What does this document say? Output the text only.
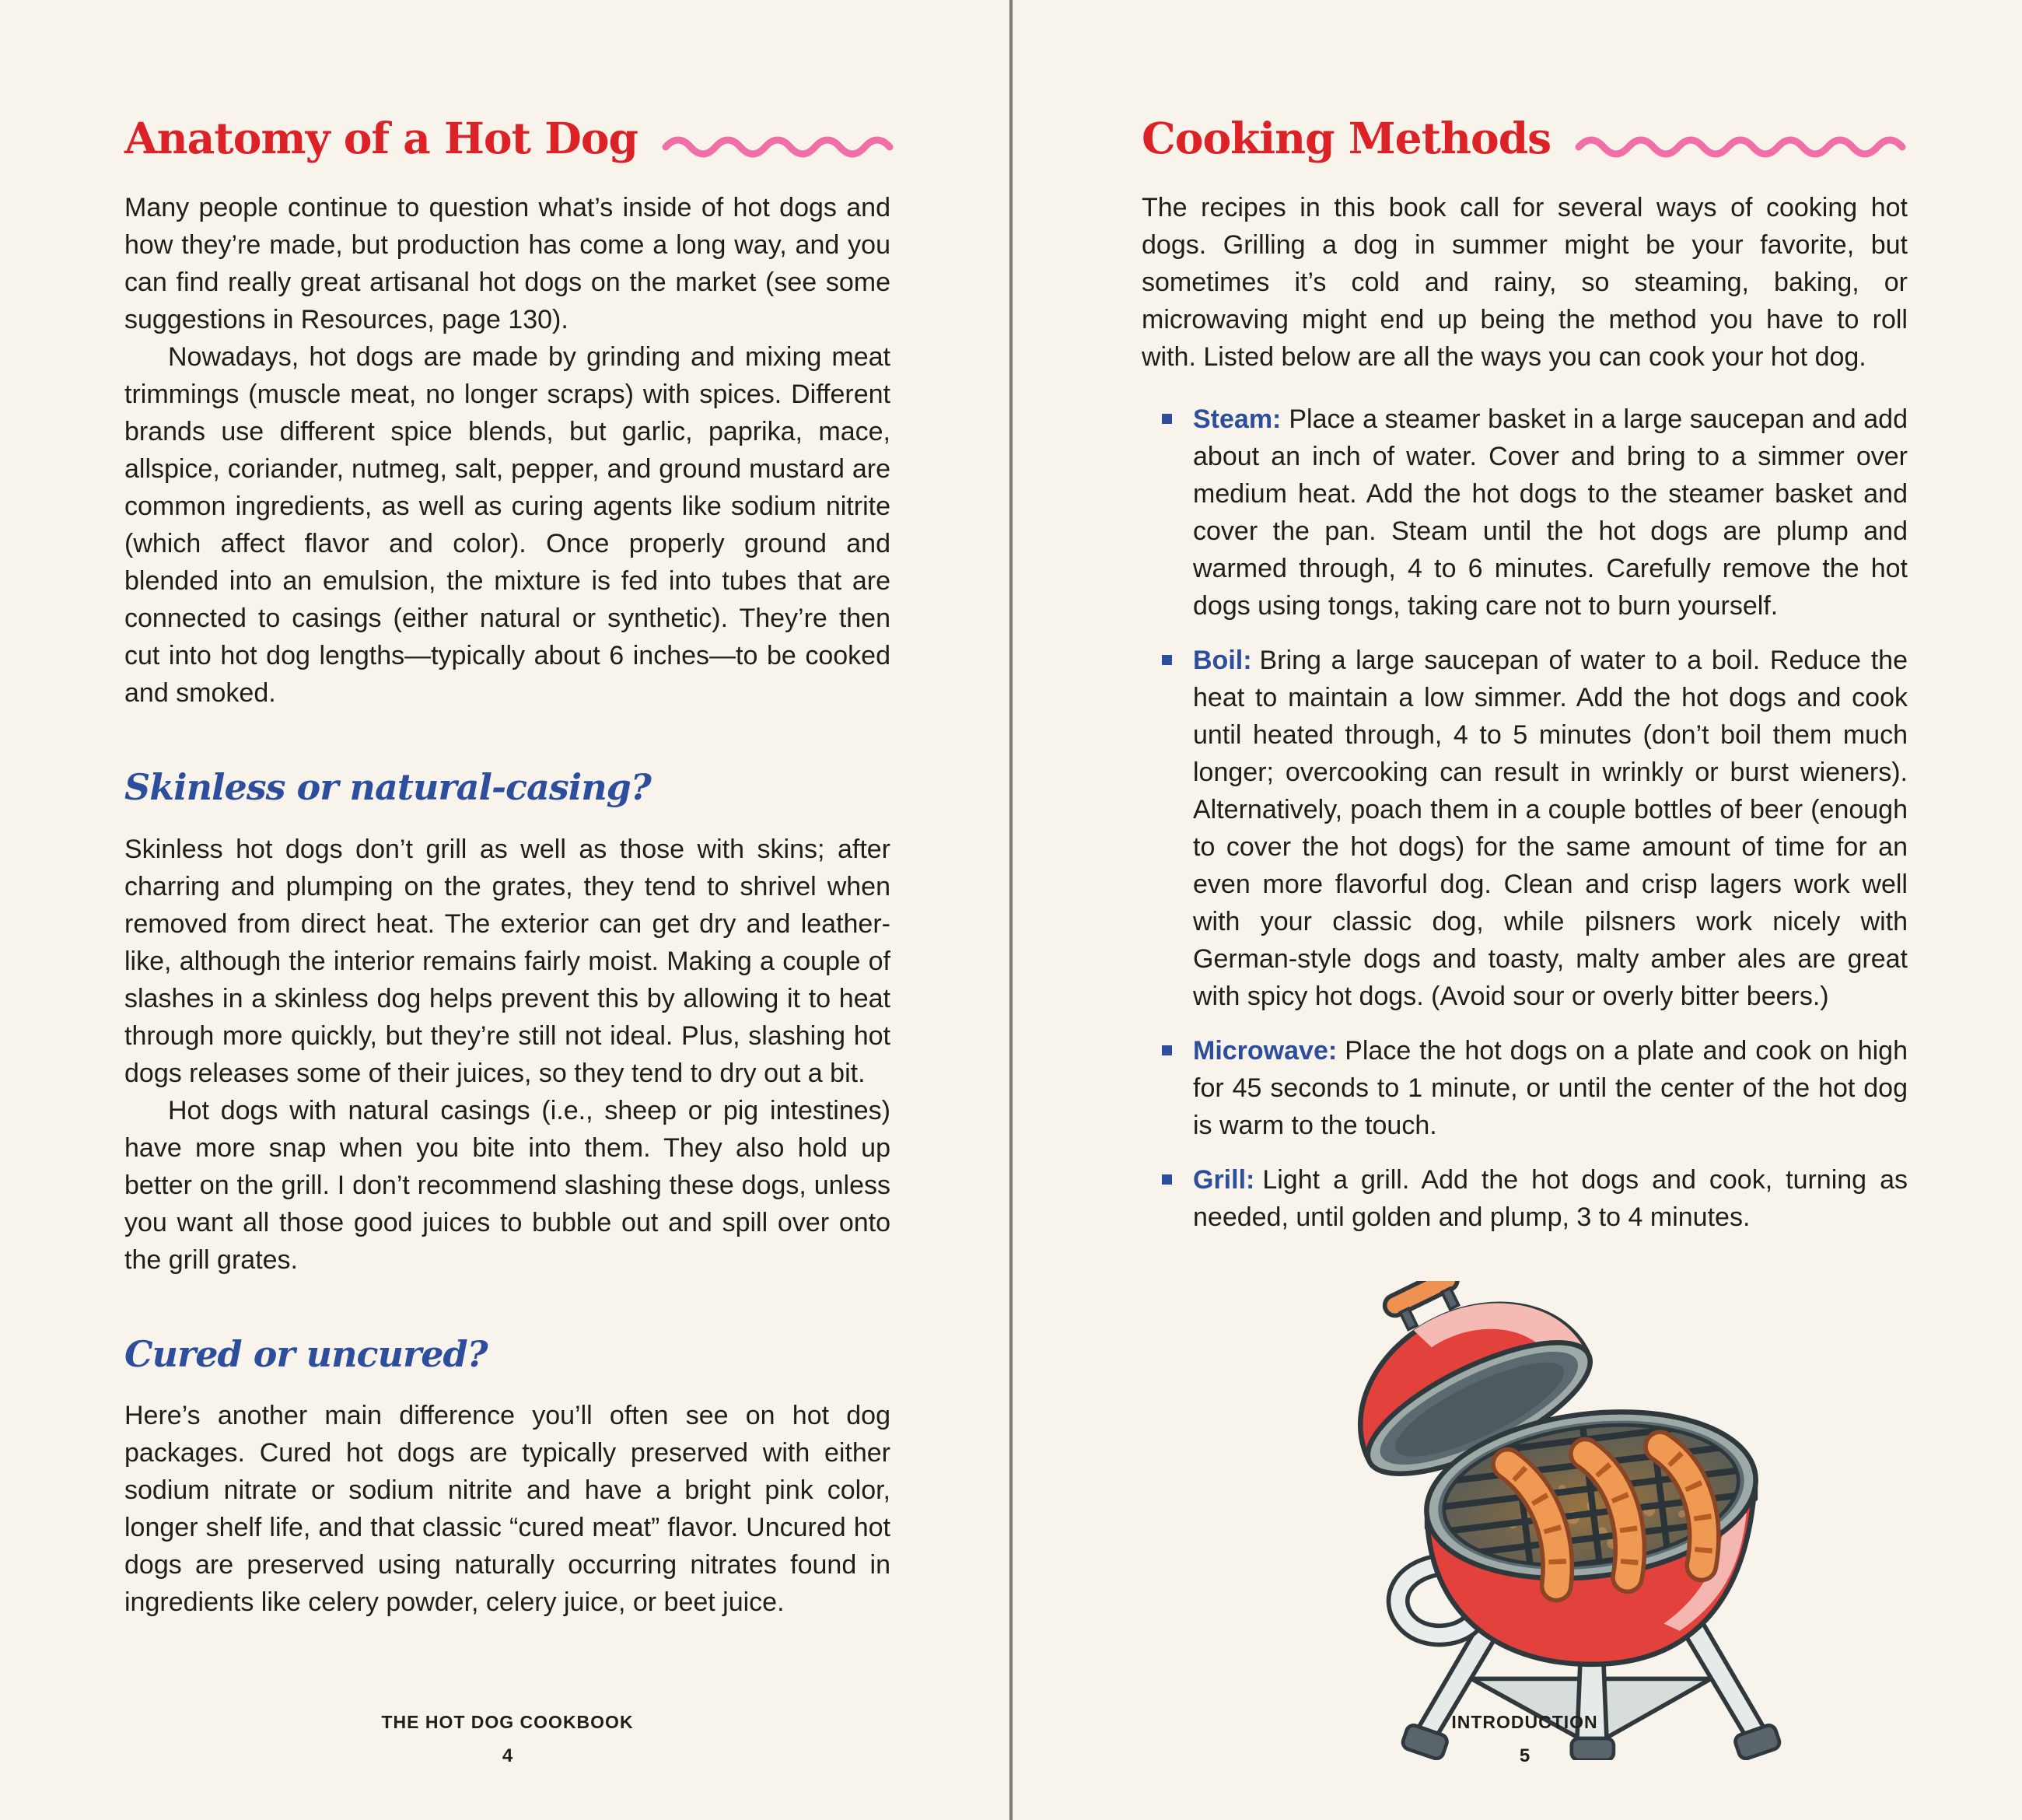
Anatomy of a Hot Dog

Many people continue to question what’s inside of hot dogs and how they’re made, but production has come a long way, and you can find really great artisanal hot dogs on the market (see some suggestions in Resources, page 130).

Nowadays, hot dogs are made by grinding and mixing meat trimmings (muscle meat, no longer scraps) with spices. Different brands use different spice blends, but garlic, paprika, mace, allspice, coriander, nutmeg, salt, pepper, and ground mustard are common ingredients, as well as curing agents like sodium nitrite (which affect flavor and color). Once properly ground and blended into an emulsion, the mixture is fed into tubes that are connected to casings (either natural or synthetic). They’re then cut into hot dog lengths—typically about 6 inches—to be cooked and smoked.

Skinless or natural-casing?

Skinless hot dogs don’t grill as well as those with skins; after charring and plumping on the grates, they tend to shrivel when removed from direct heat. The exterior can get dry and leather-like, although the interior remains fairly moist. Making a couple of slashes in a skinless dog helps prevent this by allowing it to heat through more quickly, but they’re still not ideal. Plus, slashing hot dogs releases some of their juices, so they tend to dry out a bit.

Hot dogs with natural casings (i.e., sheep or pig intestines) have more snap when you bite into them. They also hold up better on the grill. I don’t recommend slashing these dogs, unless you want all those good juices to bubble out and spill over onto the grill grates.

Cured or uncured?

Here’s another main difference you’ll often see on hot dog packages. Cured hot dogs are typically preserved with either sodium nitrate or sodium nitrite and have a bright pink color, longer shelf life, and that classic “cured meat” flavor. Uncured hot dogs are preserved using naturally occurring nitrates found in ingredients like celery powder, celery juice, or beet juice.

THE HOT DOG COOKBOOK
4
Cooking Methods

The recipes in this book call for several ways of cooking hot dogs. Grilling a dog in summer might be your favorite, but sometimes it’s cold and rainy, so steaming, baking, or microwaving might end up being the method you have to roll with. Listed below are all the ways you can cook your hot dog.

Steam: Place a steamer basket in a large saucepan and add about an inch of water. Cover and bring to a simmer over medium heat. Add the hot dogs to the steamer basket and cover the pan. Steam until the hot dogs are plump and warmed through, 4 to 6 minutes. Carefully remove the hot dogs using tongs, taking care not to burn yourself.

Boil: Bring a large saucepan of water to a boil. Reduce the heat to maintain a low simmer. Add the hot dogs and cook until heated through, 4 to 5 minutes (don’t boil them much longer; overcooking can result in wrinkly or burst wieners). Alternatively, poach them in a couple bottles of beer (enough to cover the hot dogs) for the same amount of time for an even more flavorful dog. Clean and crisp lagers work well with your classic dog, while pilsners work nicely with German-style dogs and toasty, malty amber ales are great with spicy hot dogs. (Avoid sour or overly bitter beers.)

Microwave: Place the hot dogs on a plate and cook on high for 45 seconds to 1 minute, or until the center of the hot dog is warm to the touch.

Grill: Light a grill. Add the hot dogs and cook, turning as needed, until golden and plump, 3 to 4 minutes.

INTRODUCTION
5
